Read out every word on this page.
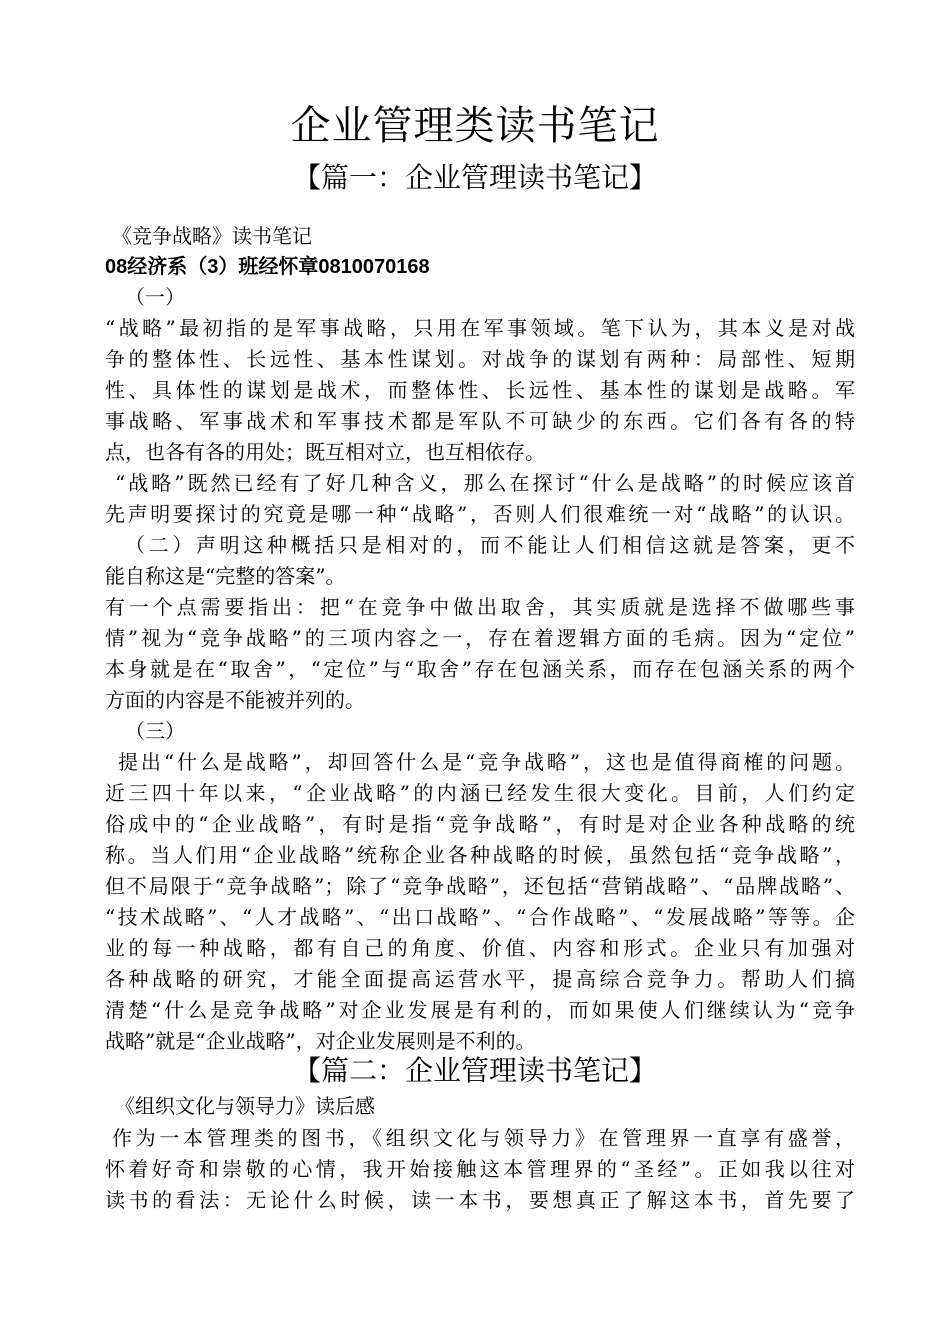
企业管理类读书笔记
【篇一：企业管理读书笔记】
《竞争战略》读书笔记
08经济系（3）班经怀章0810070168
（一）
“战略”最初指的是军事战略，只用在军事领域。笔下认为，其本义是对战
争的整体性、长远性、基本性谋划。对战争的谋划有两种：局部性、短期
性、具体性的谋划是战术，而整体性、长远性、基本性的谋划是战略。军
事战略、军事战术和军事技术都是军队不可缺少的东西。它们各有各的特
点，也各有各的用处；既互相对立，也互相依存。
“战略”既然已经有了好几种含义，那么在探讨“什么是战略”的时候应该首
先声明要探讨的究竟是哪一种“战略”，否则人们很难统一对“战略”的认识。
（二）声明这种概括只是相对的，而不能让人们相信这就是答案，更不
能自称这是“完整的答案”。
有一个点需要指出：把“在竞争中做出取舍，其实质就是选择不做哪些事
情”视为“竞争战略”的三项内容之一，存在着逻辑方面的毛病。因为“定位”
本身就是在“取舍”，“定位”与“取舍”存在包涵关系，而存在包涵关系的两个
方面的内容是不能被并列的。
（三）
提出“什么是战略”，却回答什么是“竞争战略”，这也是值得商榷的问题。
近三四十年以来，“企业战略”的内涵已经发生很大变化。目前，人们约定
俗成中的“企业战略”，有时是指“竞争战略”，有时是对企业各种战略的统
称。当人们用“企业战略”统称企业各种战略的时候，虽然包括“竞争战略”，
但不局限于“竞争战略”；除了“竞争战略”，还包括“营销战略”、“品牌战略”、
“技术战略”、“人才战略”、“出口战略”、“合作战略”、“发展战略”等等。企
业的每一种战略，都有自己的角度、价值、内容和形式。企业只有加强对
各种战略的研究，才能全面提高运营水平，提高综合竞争力。帮助人们搞
清楚“什么是竞争战略”对企业发展是有利的，而如果使人们继续认为“竞争
战略”就是“企业战略”，对企业发展则是不利的。
【篇二：企业管理读书笔记】
《组织文化与领导力》读后感
作为一本管理类的图书，《组织文化与领导力》在管理界一直享有盛誉，
怀着好奇和崇敬的心情，我开始接触这本管理界的“圣经”。正如我以往对
读书的看法：无论什么时候，读一本书，要想真正了解这本书，首先要了
